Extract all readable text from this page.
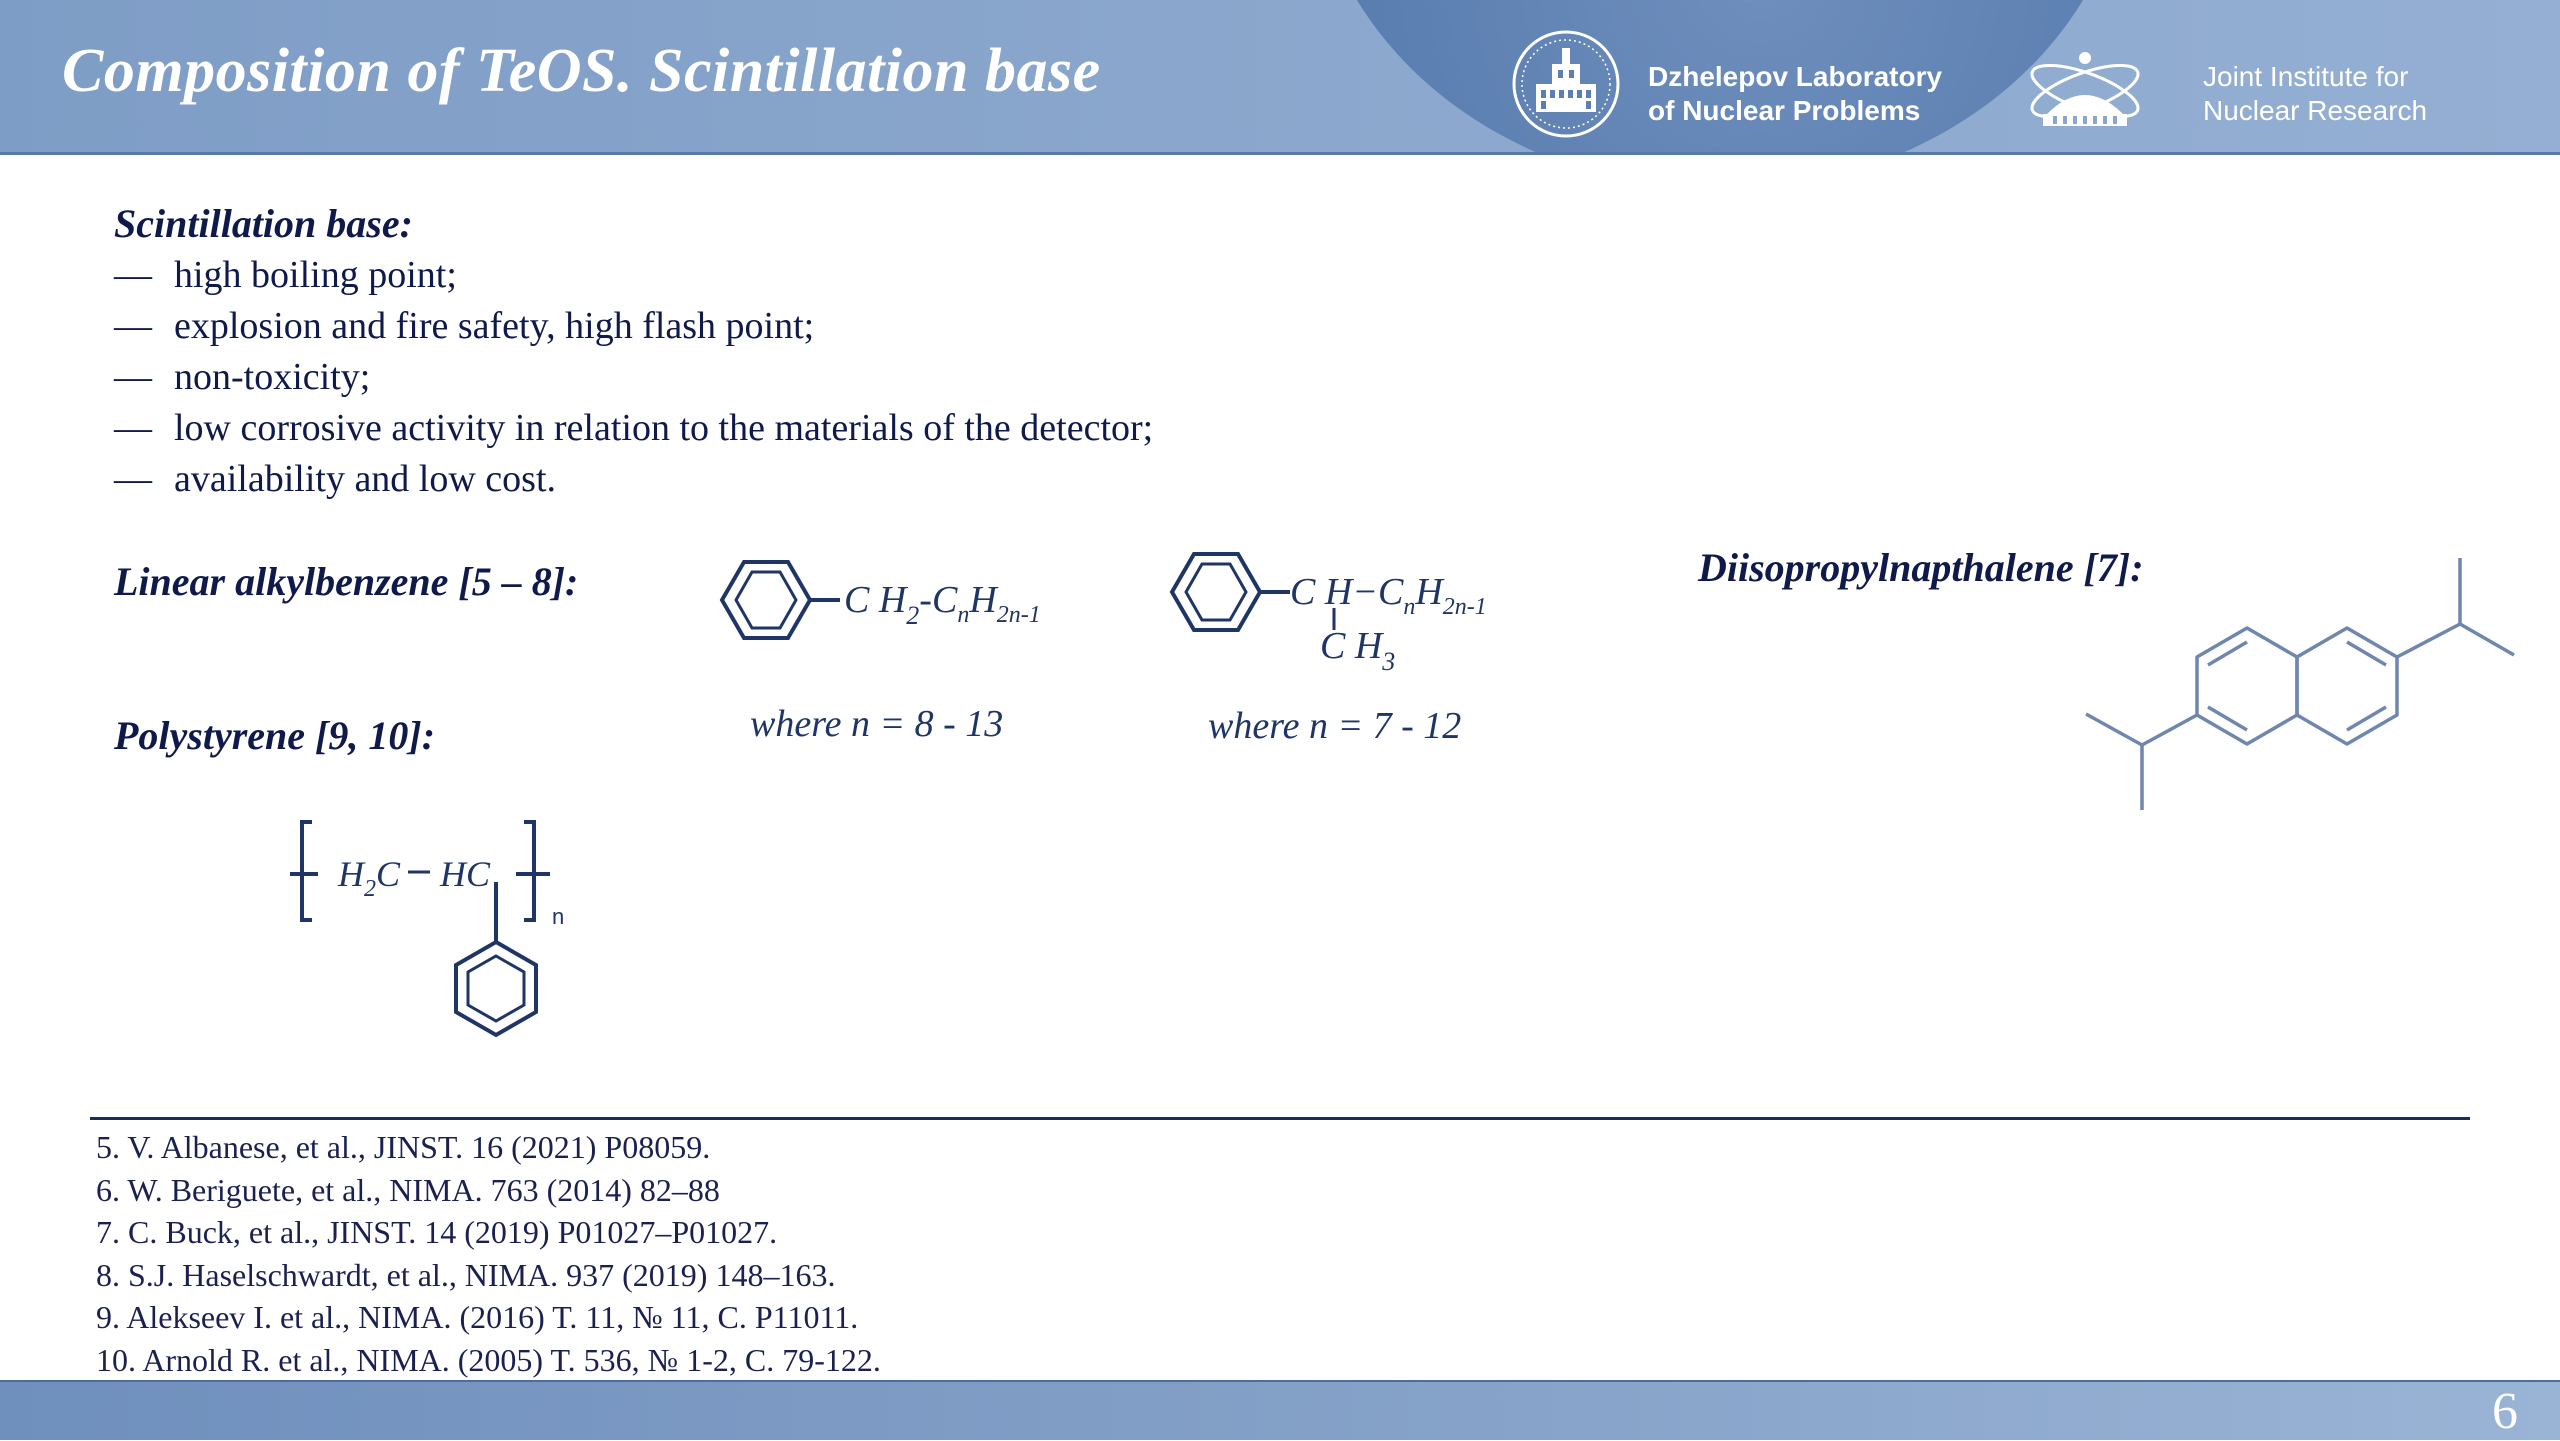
Composition of TeOS. Scintillation base	Dzhelepov Laboratory
of Nuclear Problems
Joint Institute for
Nuclear Research

Scintillation base:

— high boiling point;
— explosion and fire safety, high flash point;
— non-toxicity;
— low corrosive activity in relation to the materials of the detector;
— availability and low cost.

Linear alkylbenzene [5 – 8]:	C $H_2-C_nH_{2n-1}$
C $H-C_nH_{2n-1}$
C $H_3$

where n = 8 - 13	where n = 7 - 12

Polystyrene [9, 10]:

$H_2C$ HC
n

Diisopropylnapthalene [7]:

5. V. Albanese, et al., JINST. 16 (2021) P08059.
6. W. Beriguete, et al., NIMA. 763 (2014) 82–88
7. C. Buck, et al., JINST. 14 (2019) P01027–P01027.
8. S.J. Haselschwardt, et al., NIMA. 937 (2019) 148–163.
9. Alekseev I. et al., NIMA. (2016) T. 11, № 11, C. P11011.
10. Arnold R. et al., NIMA. (2005) T. 536, № 1-2, C. 79-122.
6
